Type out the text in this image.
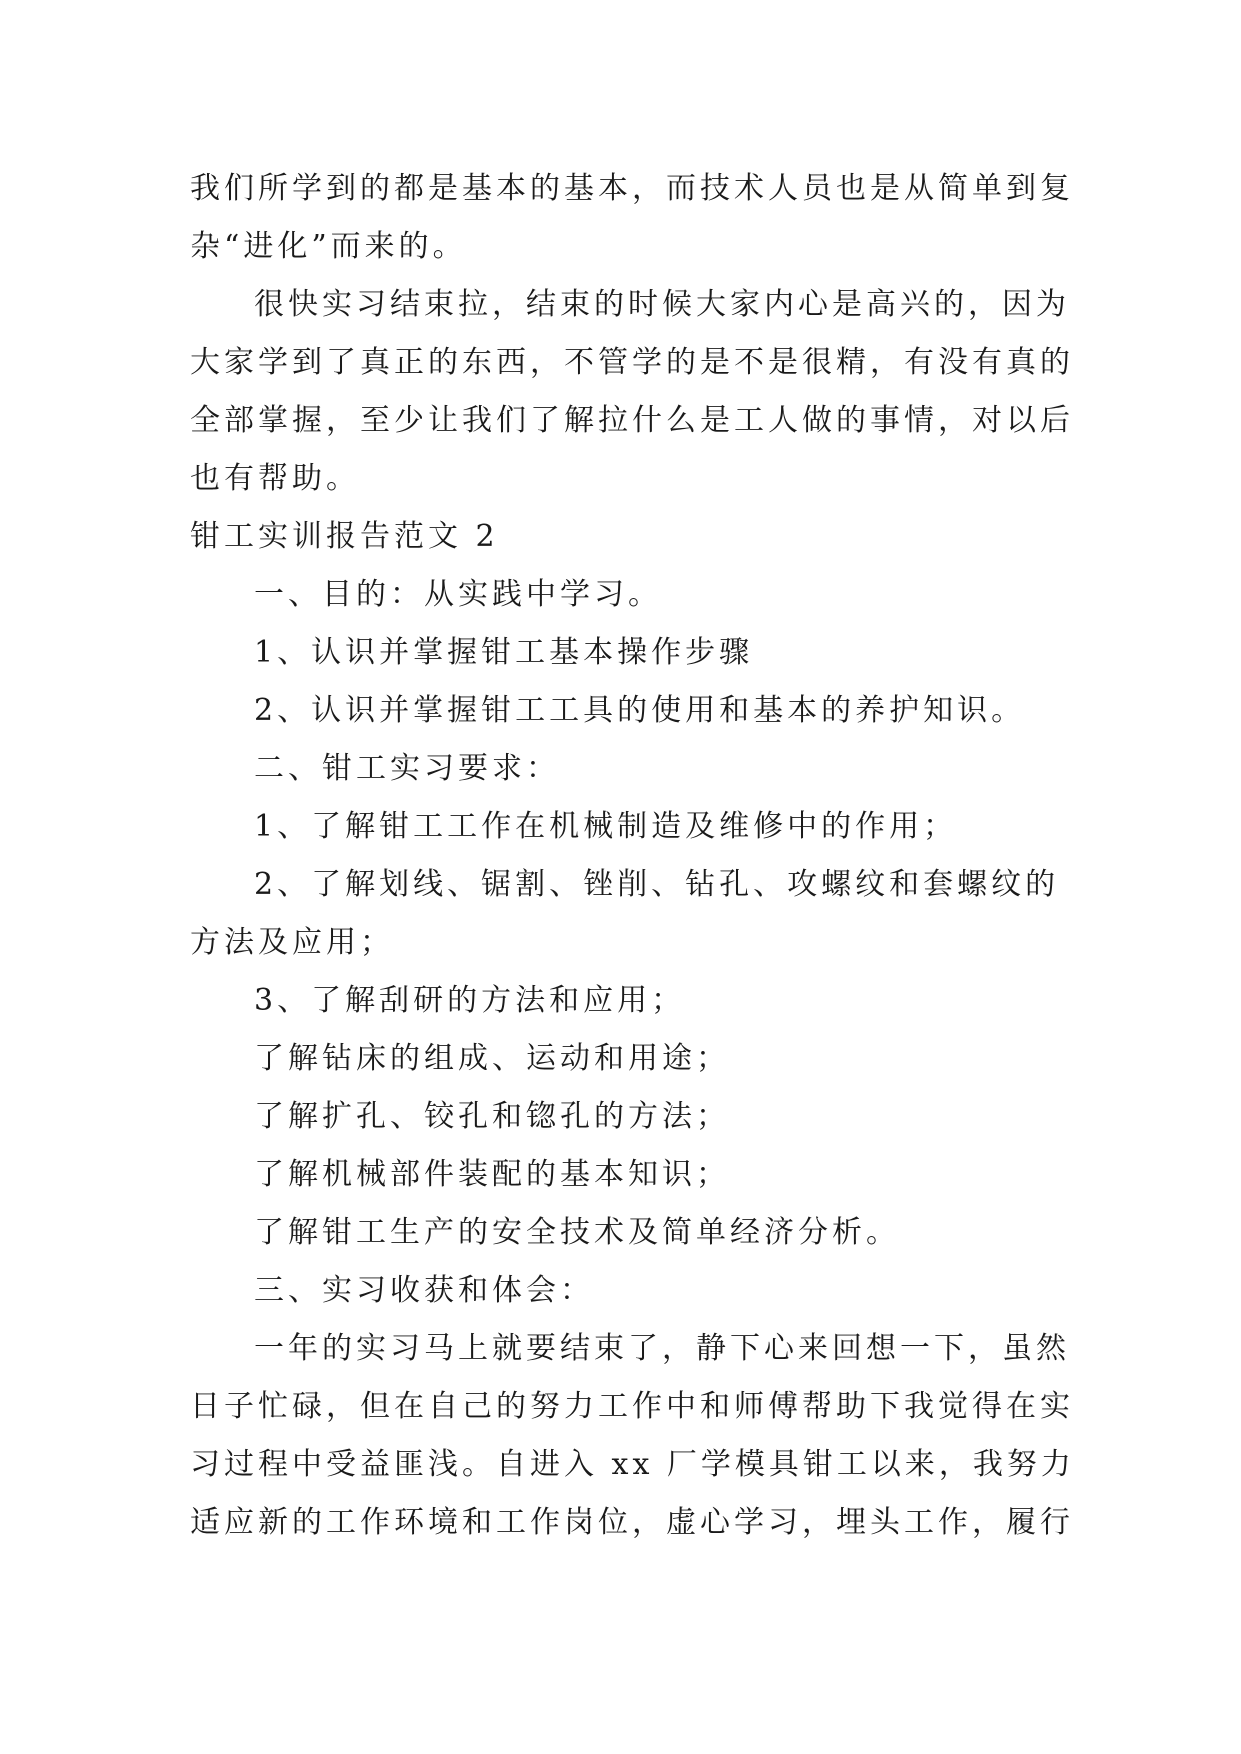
我们所学到的都是基本的基本，而技术人员也是从简单到复
杂“进化”而来的。
很快实习结束拉，结束的时候大家内心是高兴的，因为
大家学到了真正的东西，不管学的是不是很精，有没有真的
全部掌握，至少让我们了解拉什么是工人做的事情，对以后
也有帮助。
钳工实训报告范文 2
一、目的：从实践中学习。
1、认识并掌握钳工基本操作步骤
2、认识并掌握钳工工具的使用和基本的养护知识。
二、钳工实习要求：
1、了解钳工工作在机械制造及维修中的作用；
2、了解划线、锯割、锉削、钻孔、攻螺纹和套螺纹的
方法及应用；
3、了解刮研的方法和应用；
了解钻床的组成、运动和用途；
了解扩孔、铰孔和锪孔的方法；
了解机械部件装配的基本知识；
了解钳工生产的安全技术及简单经济分析。
三、实习收获和体会：
一年的实习马上就要结束了，静下心来回想一下，虽然
日子忙碌，但在自己的努力工作中和师傅帮助下我觉得在实
习过程中受益匪浅。自进入 xx 厂学模具钳工以来，我努力
适应新的工作环境和工作岗位，虚心学习，埋头工作，履行
